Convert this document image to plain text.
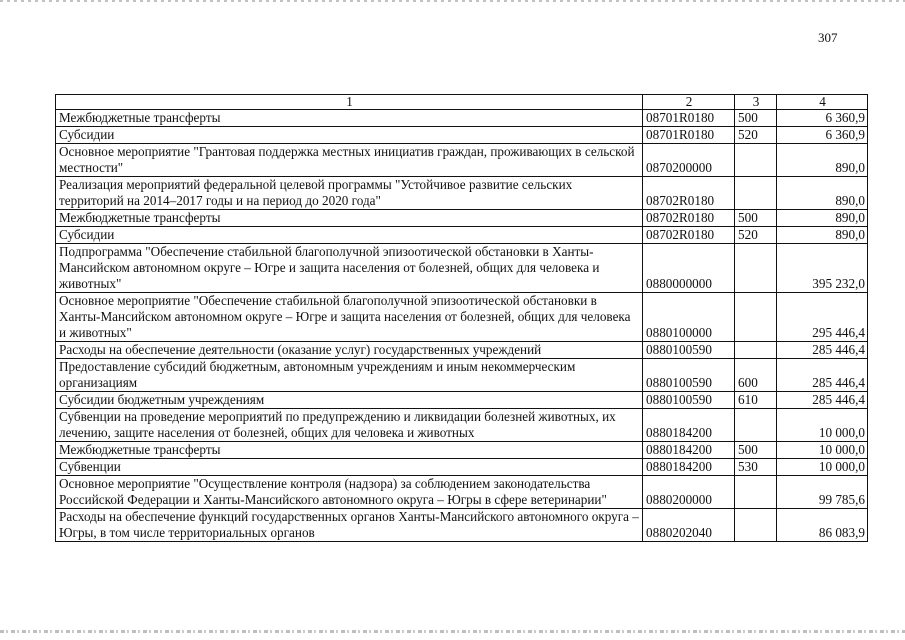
307
1	2	3	4
Межбюджетные трансферты	08701R0180	500	6 360,9
Субсидии	08701R0180	520	6 360,9
Основное мероприятие "Грантовая поддержка местных инициатив граждан, проживающих в сельской местности"	0870200000		890,0
Реализация мероприятий федеральной целевой программы "Устойчивое развитие сельских территорий на 2014–2017 годы и на период до 2020 года"	08702R0180		890,0
Межбюджетные трансферты	08702R0180	500	890,0
Субсидии	08702R0180	520	890,0
Подпрограмма "Обеспечение стабильной благополучной эпизоотической обстановки в Ханты-Мансийском автономном округе – Югре и защита населения от болезней, общих для человека и животных"	0880000000		395 232,0
Основное мероприятие "Обеспечение стабильной благополучной эпизоотической обстановки в Ханты-Мансийском автономном округе – Югре и защита населения от болезней, общих для человека и животных"	0880100000		295 446,4
Расходы на обеспечение деятельности (оказание услуг) государственных учреждений	0880100590		285 446,4
Предоставление субсидий бюджетным, автономным учреждениям и иным некоммерческим организациям	0880100590	600	285 446,4
Субсидии бюджетным учреждениям	0880100590	610	285 446,4
Субвенции на проведение мероприятий по предупреждению и ликвидации болезней животных, их лечению, защите населения от болезней, общих для человека и животных	0880184200		10 000,0
Межбюджетные трансферты	0880184200	500	10 000,0
Субвенции	0880184200	530	10 000,0
Основное мероприятие "Осуществление контроля (надзора) за соблюдением законодательства Российской Федерации и Ханты-Мансийского автономного округа – Югры в сфере ветеринарии"	0880200000		99 785,6
Расходы на обеспечение функций государственных органов Ханты-Мансийского автономного округа – Югры, в том числе территориальных органов	0880202040		86 083,9
